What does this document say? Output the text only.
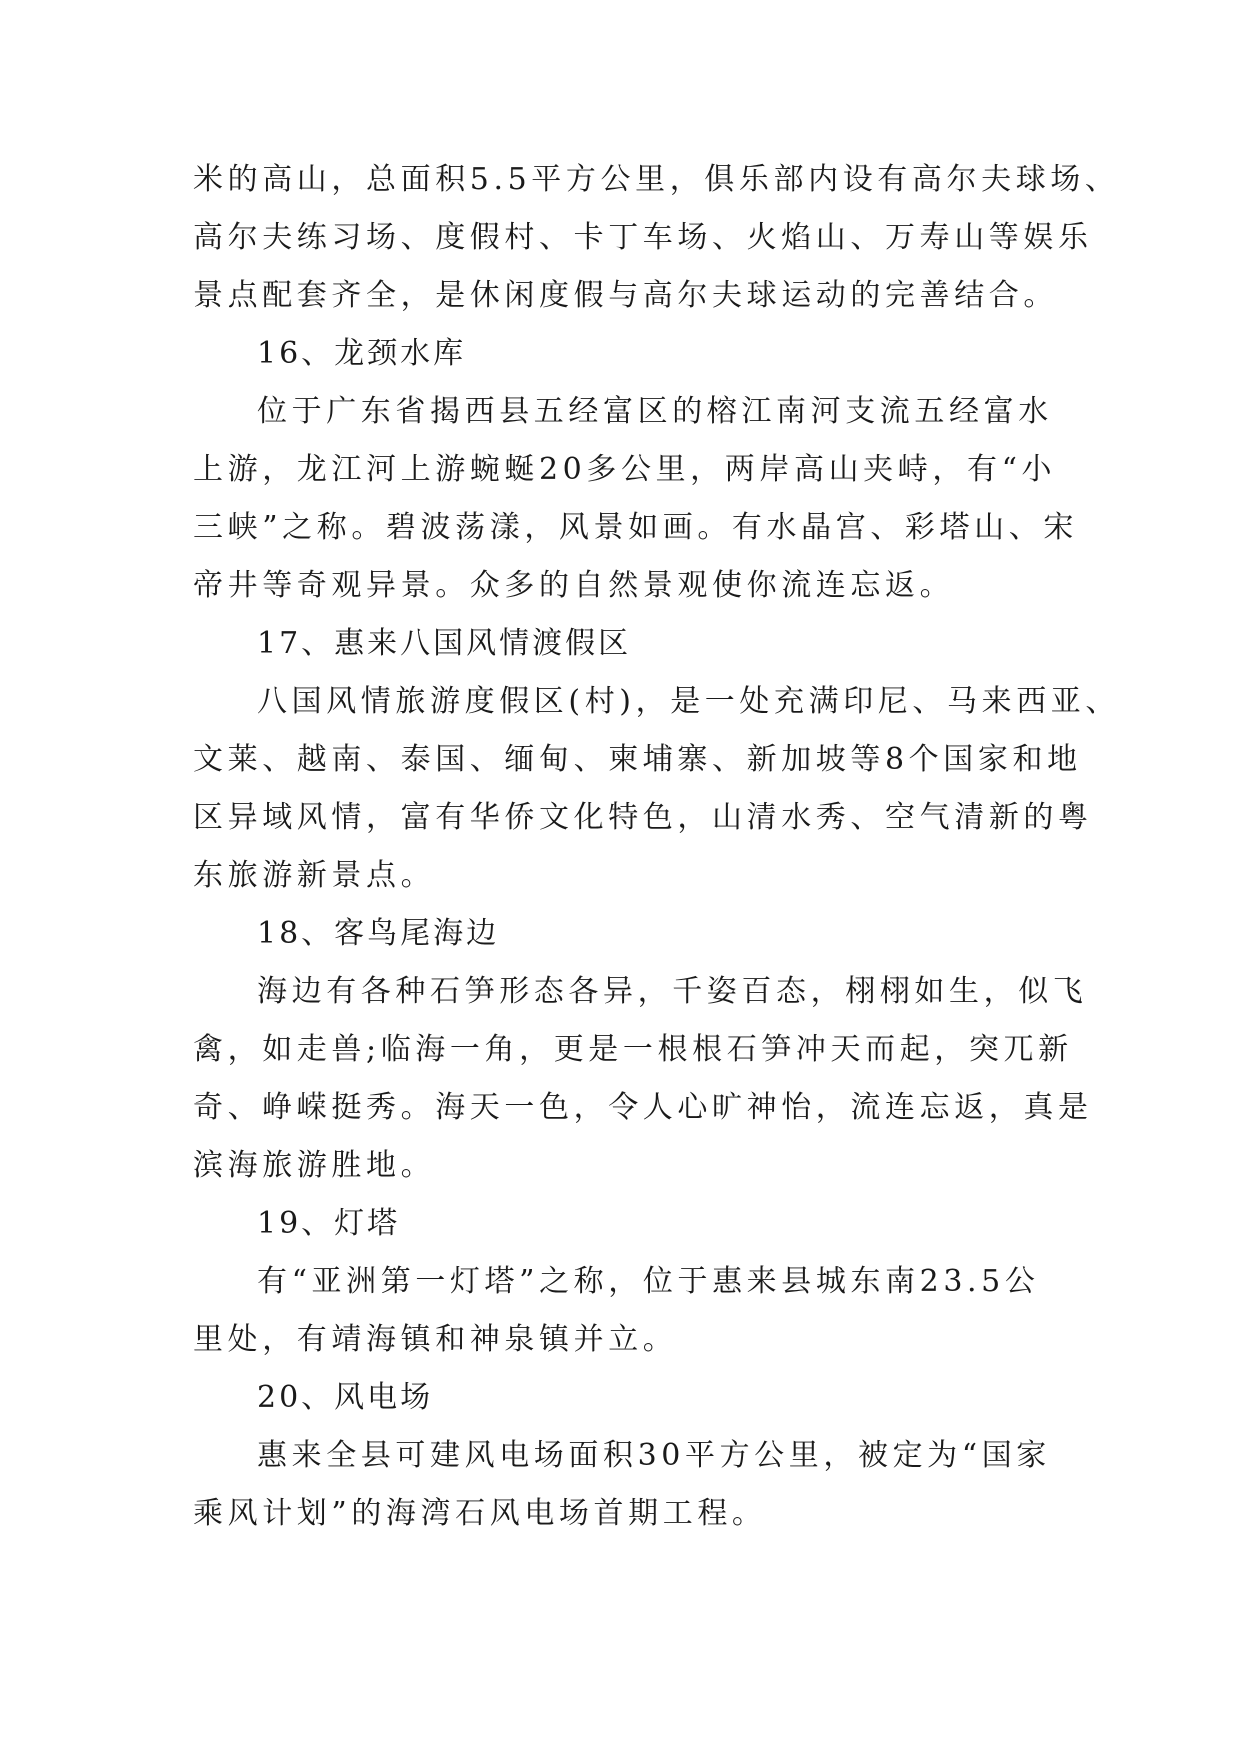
米的高山，总面积5.5平方公里，俱乐部内设有高尔夫球场、

高尔夫练习场、度假村、卡丁车场、火焰山、万寿山等娱乐

景点配套齐全，是休闲度假与高尔夫球运动的完善结合。

16、龙颈水库

位于广东省揭西县五经富区的榕江南河支流五经富水

上游，龙江河上游蜿蜒20多公里，两岸高山夹峙，有“小

三峡”之称。碧波荡漾，风景如画。有水晶宫、彩塔山、宋

帝井等奇观异景。众多的自然景观使你流连忘返。

17、惠来八国风情渡假区

八国风情旅游度假区(村)，是一处充满印尼、马来西亚、

文莱、越南、泰国、缅甸、柬埔寨、新加坡等8个国家和地

区异域风情，富有华侨文化特色，山清水秀、空气清新的粤

东旅游新景点。

18、客鸟尾海边

海边有各种石笋形态各异，千姿百态，栩栩如生，似飞

禽，如走兽;临海一角，更是一根根石笋冲天而起，突兀新

奇、峥嵘挺秀。海天一色，令人心旷神怡，流连忘返，真是

滨海旅游胜地。

19、灯塔

有“亚洲第一灯塔”之称，位于惠来县城东南23.5公

里处，有靖海镇和神泉镇并立。

20、风电场

惠来全县可建风电场面积30平方公里，被定为“国家

乘风计划”的海湾石风电场首期工程。
